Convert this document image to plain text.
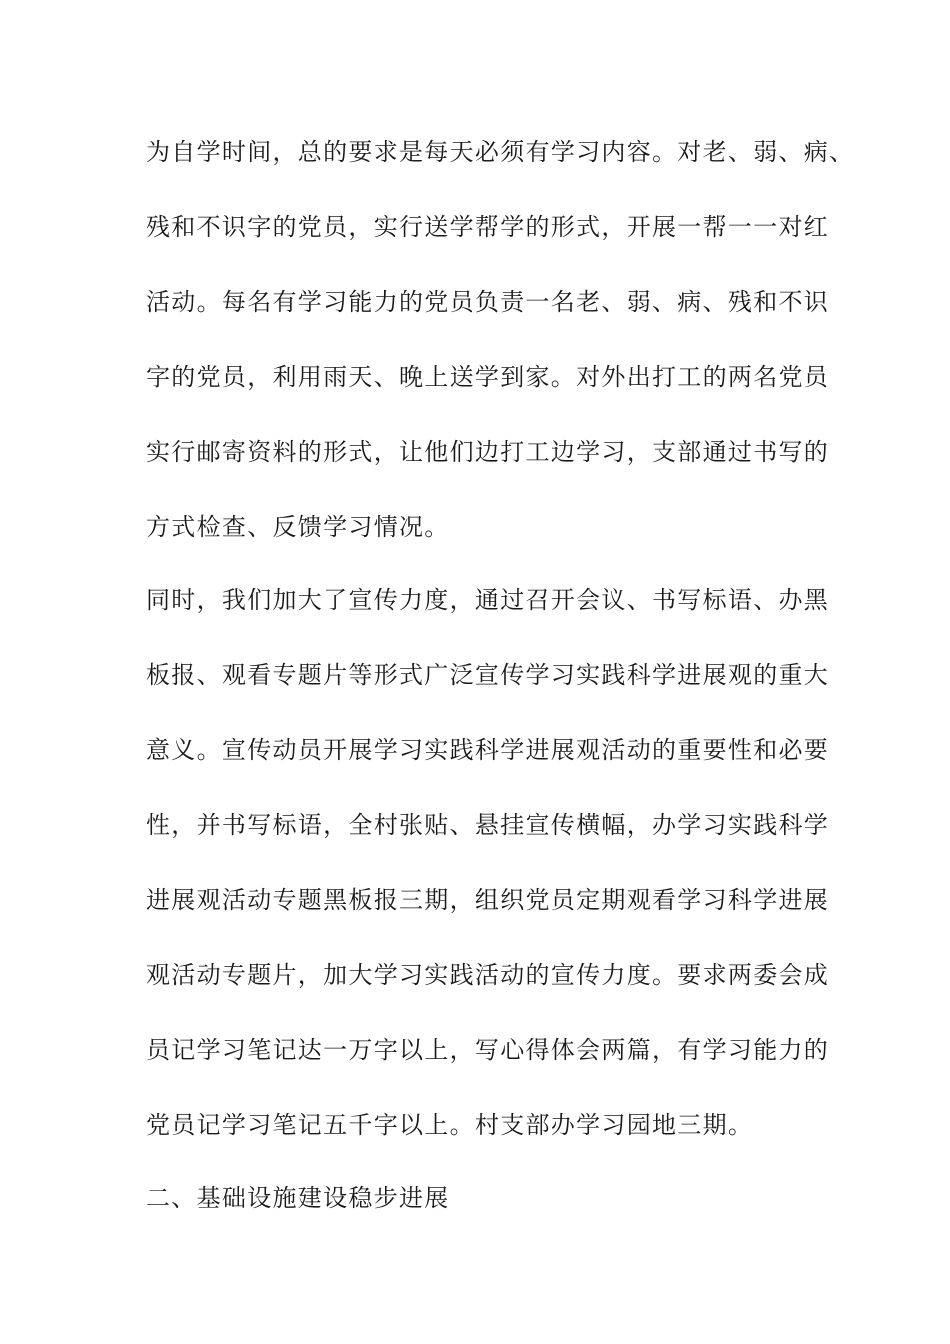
为自学时间，总的要求是每天必须有学习内容。对老、弱、病、
残和不识字的党员，实行送学帮学的形式，开展一帮一一对红
活动。每名有学习能力的党员负责一名老、弱、病、残和不识
字的党员，利用雨天、晚上送学到家。对外出打工的两名党员
实行邮寄资料的形式，让他们边打工边学习，支部通过书写的
方式检查、反馈学习情况。
同时，我们加大了宣传力度，通过召开会议、书写标语、办黑
板报、观看专题片等形式广泛宣传学习实践科学进展观的重大
意义。宣传动员开展学习实践科学进展观活动的重要性和必要
性，并书写标语，全村张贴、悬挂宣传横幅，办学习实践科学
进展观活动专题黑板报三期，组织党员定期观看学习科学进展
观活动专题片，加大学习实践活动的宣传力度。要求两委会成
员记学习笔记达一万字以上，写心得体会两篇，有学习能力的
党员记学习笔记五千字以上。村支部办学习园地三期。
二、基础设施建设稳步进展
